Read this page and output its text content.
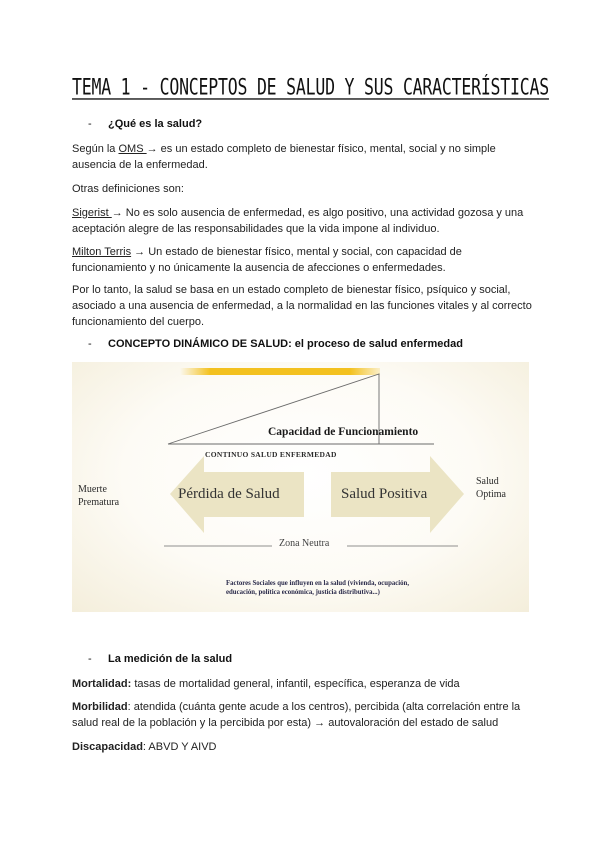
TEMA 1 - CONCEPTOS DE SALUD Y SUS CARACTERÍSTICAS
- ¿Qué es la salud?

Según la OMS → es un estado completo de bienestar físico, mental, social y no simple ausencia de la enfermedad.

Otras definiciones son:

Sigerist → No es solo ausencia de enfermedad, es algo positivo, una actividad gozosa y una aceptación alegre de las responsabilidades que la vida impone al individuo.

Milton Terris → Un estado de bienestar físico, mental y social, con capacidad de funcionamiento y no únicamente la ausencia de afecciones o enfermedades.

Por lo tanto, la salud se basa en un estado completo de bienestar físico, psíquico y social, asociado a una ausencia de enfermedad, a la normalidad en las funciones vitales y al correcto funcionamiento del cuerpo.

- CONCEPTO DINÁMICO DE SALUD: el proceso de salud enfermedad
Capacidad de Funcionamiento
CONTINUO SALUD ENFERMEDAD
Muerte Prematura
Pérdida de Salud	Salud Positiva
Salud Optima
Zona Neutra
Factores Sociales que influyen en la salud (vivienda, ocupación, educación, política económica, justicia distributiva...)
- La medición de la salud

Mortalidad: tasas de mortalidad general, infantil, específica, esperanza de vida

Morbilidad: atendida (cuánta gente acude a los centros), percibida (alta correlación entre la salud real de la población y la percibida por esta) → autovaloración del estado de salud

Discapacidad: ABVD Y AIVD
